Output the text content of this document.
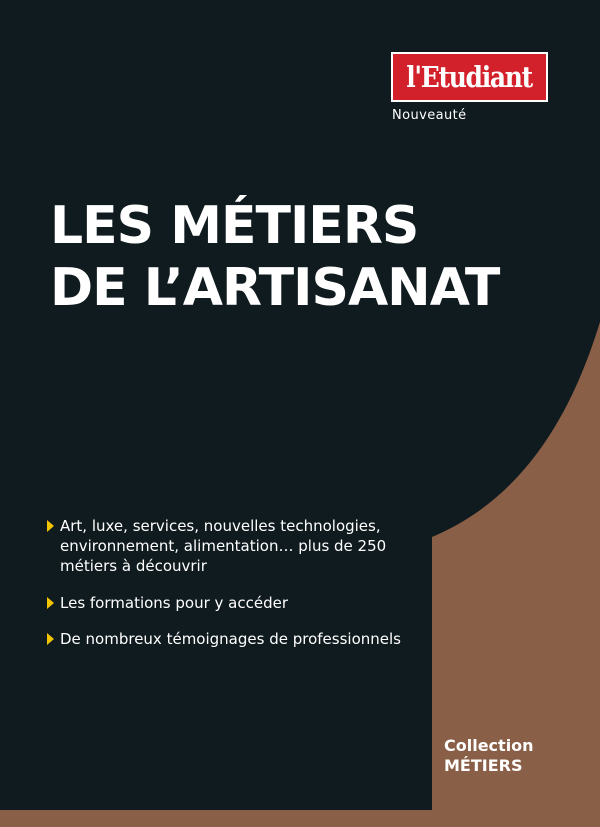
l'Etudiant
Nouveauté
LES MÉTIERS
DE L’ARTISANAT
Art, luxe, services, nouvelles technologies, environnement, alimentation… plus de 250 métiers à découvrir
Les formations pour y accéder
De nombreux témoignages de professionnels
Collection
MÉTIERS
